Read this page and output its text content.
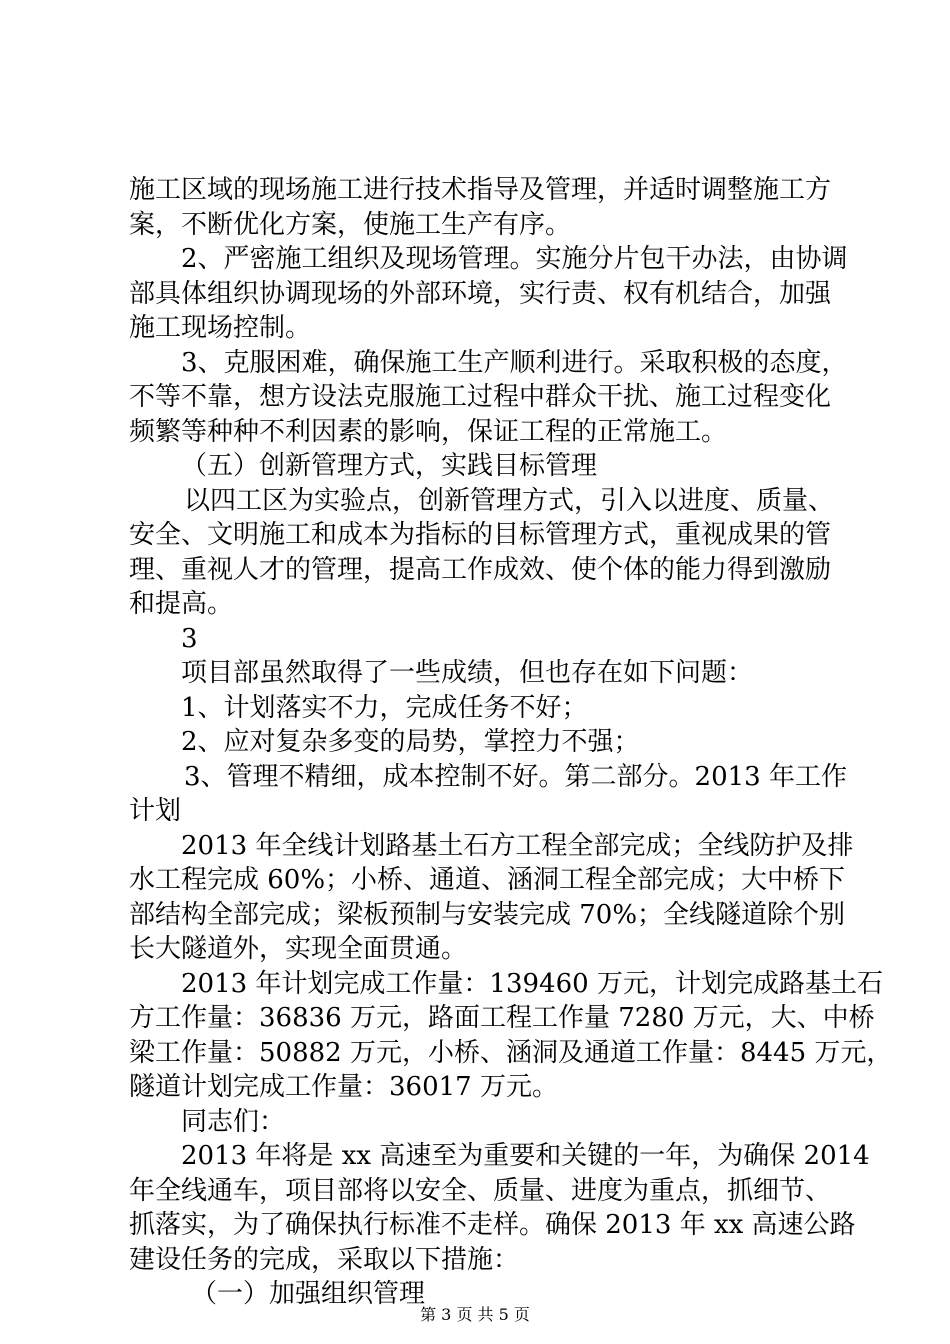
施工区域的现场施工进行技术指导及管理，并适时调整施工方
案，不断优化方案，使施工生产有序。
2、严密施工组织及现场管理。实施分片包干办法，由协调
部具体组织协调现场的外部环境，实行责、权有机结合，加强
施工现场控制。
3、克服困难，确保施工生产顺利进行。采取积极的态度，
不等不靠，想方设法克服施工过程中群众干扰、施工过程变化
频繁等种种不利因素的影响，保证工程的正常施工。
（五）创新管理方式，实践目标管理
以四工区为实验点，创新管理方式，引入以进度、质量、
安全、文明施工和成本为指标的目标管理方式，重视成果的管
理、重视人才的管理，提高工作成效、使个体的能力得到激励
和提高。
3
项目部虽然取得了一些成绩，但也存在如下问题：
1、计划落实不力，完成任务不好；
2、应对复杂多变的局势，掌控力不强；
3、管理不精细，成本控制不好。第二部分。2013 年工作
计划
2013 年全线计划路基土石方工程全部完成；全线防护及排
水工程完成 60%；小桥、通道、涵洞工程全部完成；大中桥下
部结构全部完成；梁板预制与安装完成 70%；全线隧道除个别
长大隧道外，实现全面贯通。
2013 年计划完成工作量：139460 万元，计划完成路基土石
方工作量：36836 万元，路面工程工作量 7280 万元，大、中桥
梁工作量：50882 万元，小桥、涵洞及通道工作量：8445 万元，
隧道计划完成工作量：36017 万元。
同志们：
2013 年将是 xx 高速至为重要和关键的一年，为确保 2014
年全线通车，项目部将以安全、质量、进度为重点，抓细节、
抓落实，为了确保执行标准不走样。确保 2013 年 xx 高速公路
建设任务的完成，采取以下措施：
（一）加强组织管理
第 3 页 共 5 页
